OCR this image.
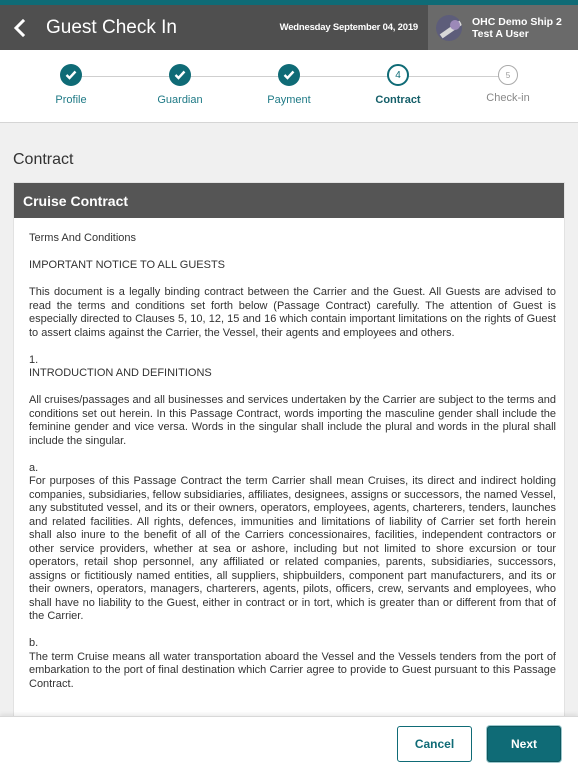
Guest Check In	Wednesday September 04, 2019	OHC Demo Ship 2
Test A User
Profile	Guardian	Payment
4
Contract
5
Check-in
Contract
Cruise Contract

Terms And Conditions

IMPORTANT NOTICE TO ALL GUESTS

This document is a legally binding contract between the Carrier and the Guest. All Guests are advised to read the terms and conditions set forth below (Passage Contract) carefully. The attention of Guest is especially directed to Clauses 5, 10, 12, 15 and 16 which contain important limitations on the rights of Guest to assert claims against the Carrier, the Vessel, their agents and employees and others.

1.

INTRODUCTION AND DEFINITIONS

All cruises/passages and all businesses and services undertaken by the Carrier are subject to the terms and conditions set out herein. In this Passage Contract, words importing the masculine gender shall include the feminine gender and vice versa. Words in the singular shall include the plural and words in the plural shall include the singular.

a.

For purposes of this Passage Contract the term Carrier shall mean Cruises, its direct and indirect holding companies, subsidiaries, fellow subsidiaries, affiliates, designees, assigns or successors, the named Vessel, any substituted vessel, and its or their owners, operators, employees, agents, charterers, tenders, launches and related facilities. All rights, defences, immunities and limitations of liability of Carrier set forth herein shall also inure to the benefit of all of the Carriers concessionaires, facilities, independent contractors or other service providers, whether at sea or ashore, including but not limited to shore excursion or tour operators, retail shop personnel, any affiliated or related companies, parents, subsidiaries, successors, assigns or fictitiously named entities, all suppliers, shipbuilders, component part manufacturers, and its or their owners, operators, managers, charterers, agents, pilots, officers, crew, servants and employees, who shall have no liability to the Guest, either in contract or in tort, which is greater than or different from that of the Carrier.

b.

The term Cruise means all water transportation aboard the Vessel and the Vessels tenders from the port of embarkation to the port of final destination which Carrier agree to provide to Guest pursuant to this Passage Contract.

Cancel	Next
